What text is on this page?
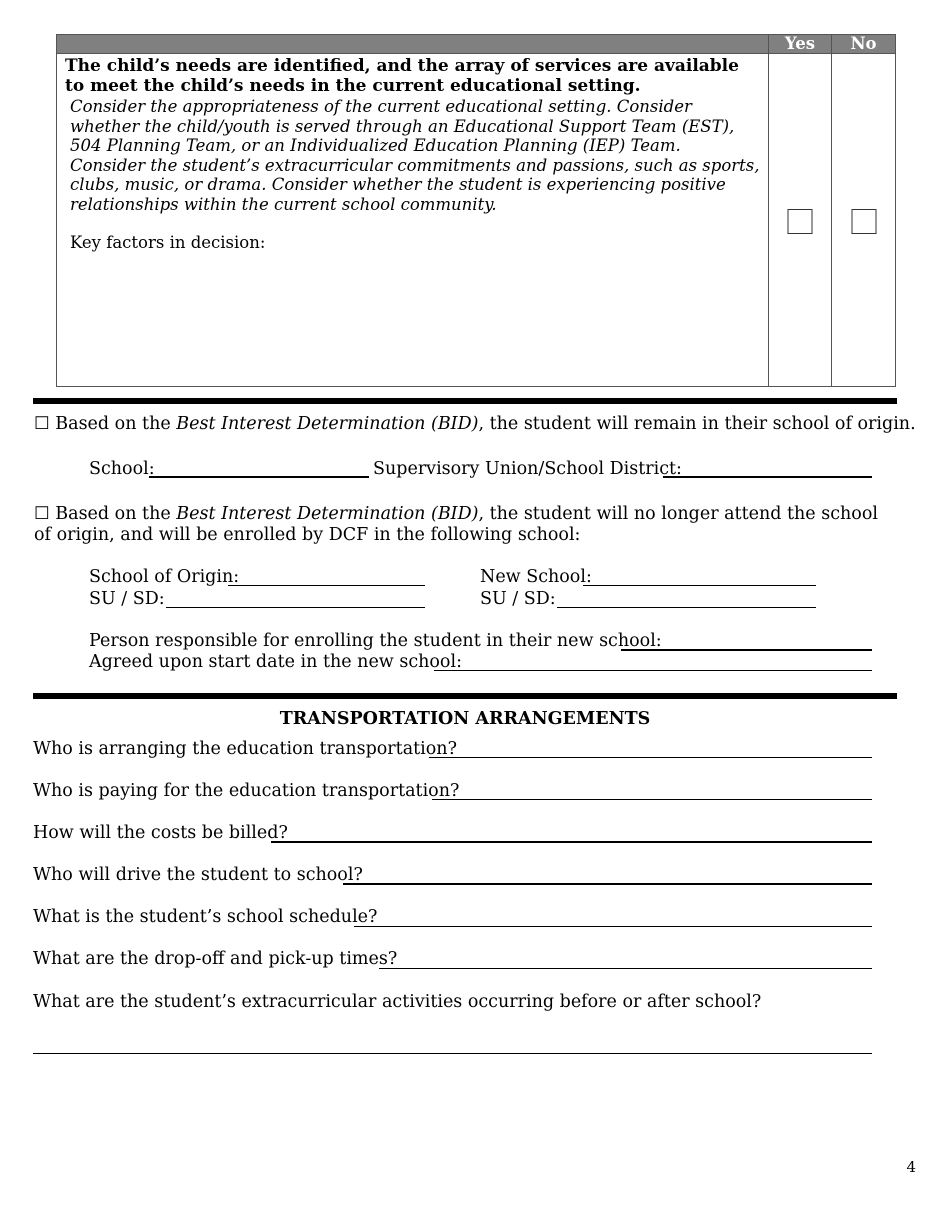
	Yes	No

The child’s needs are identified, and the array of services are available to meet the child’s needs in the current educational setting.
Consider the appropriateness of the current educational setting. Consider whether the child/youth is served through an Educational Support Team (EST), 504 Planning Team, or an Individualized Education Planning (IEP) Team. Consider the student’s extracurricular commitments and passions, such as sports, clubs, music, or drama. Consider whether the student is experiencing positive relationships within the current school community.
Key factors in decision:		

☐ Based on the Best Interest Determination (BID), the student will remain in their school of origin.
School:	Supervisory Union/School District:
☐ Based on the Best Interest Determination (BID), the student will no longer attend the school of origin, and will be enrolled by DCF in the following school:
School of Origin:	New School:
SU / SD:	SU / SD:
Person responsible for enrolling the student in their new school:
Agreed upon start date in the new school:
TRANSPORTATION ARRANGEMENTS
Who is arranging the education transportation?
Who is paying for the education transportation?
How will the costs be billed?
Who will drive the student to school?
What is the student’s school schedule?
What are the drop-off and pick-up times?
What are the student’s extracurricular activities occurring before or after school?
4
